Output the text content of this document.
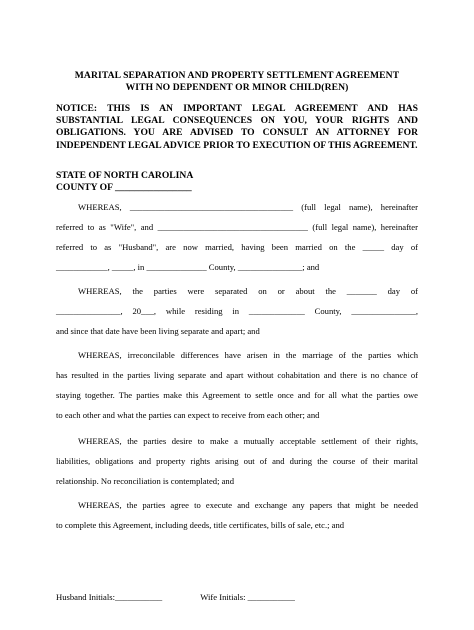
MARITAL SEPARATION AND PROPERTY SETTLEMENT AGREEMENT
WITH NO DEPENDENT OR MINOR CHILD(REN)
NOTICE: THIS IS AN IMPORTANT LEGAL AGREEMENT AND HAS SUBSTANTIAL LEGAL CONSEQUENCES ON YOU, YOUR RIGHTS AND OBLIGATIONS. YOU ARE ADVISED TO CONSULT AN ATTORNEY FOR INDEPENDENT LEGAL ADVICE PRIOR TO EXECUTION OF THIS AGREEMENT.
STATE OF NORTH CAROLINA
COUNTY OF ________________
WHEREAS, ______________________________________ (full legal name), hereinafter
referred to as "Wife", and ___________________________________ (full legal name), hereinafter
referred to as "Husband", are now married, having been married on the _____ day of
____________, _____, in ______________ County, _______________; and
WHEREAS, the parties were separated on or about the _______ day of
_______________, 20___, while residing in _____________ County, _______________,
and since that date have been living separate and apart; and
WHEREAS, irreconcilable differences have arisen in the marriage of the parties which
has resulted in the parties living separate and apart without cohabitation and there is no chance of
staying together. The parties make this Agreement to settle once and for all what the parties owe
to each other and what the parties can expect to receive from each other; and
WHEREAS, the parties desire to make a mutually acceptable settlement of their rights,
liabilities, obligations and property rights arising out of and during the course of their marital
relationship. No reconciliation is contemplated; and
WHEREAS, the parties agree to execute and exchange any papers that might be needed
to complete this Agreement, including deeds, title certificates, bills of sale, etc.; and
Husband Initials:___________	Wife Initials: ___________
